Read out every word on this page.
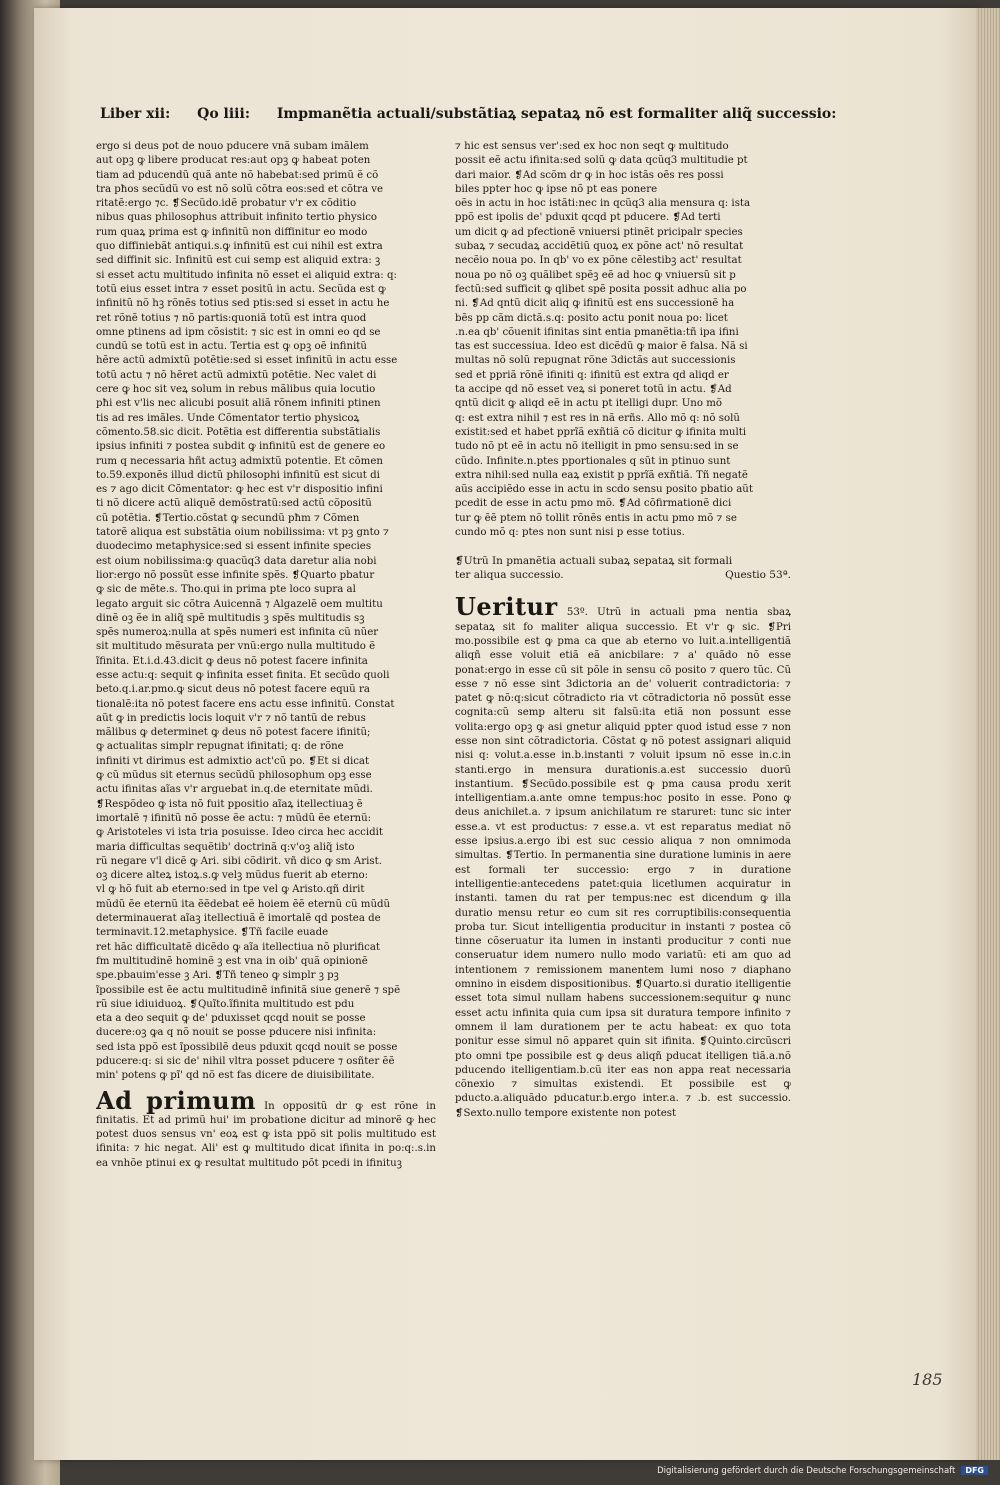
Liber xii: Qo liii: Impmanẽtia actuali/substãtiaꝝ sepataꝝ nõ est formaliter aliq̃ successio:

ergo si deus pot de nouo pducere vnã subam imãlem

aut opꝫ ꝙ libere producat res:aut opꝫ ꝙ habeat poten

tiam ad pducendũ quã ante nõ habebat:sed primũ ẽ cõ

tra pħos secũdũ vo est nõ solũ cõtra eos:sed et cõtra ve

ritatẽ:ergo ⁊c. ❡Secũdo.idẽ probatur v'r ex cõditio

nibus quas philosophus attribuit infinito tertio physico

rum quaꝝ prima est ꝙ infinitũ non diffinitur eo modo

quo diffiniebãt antiqui.s.ꝙ infinitũ est cui nihil est extra

sed diffinit sic. Infinitũ est cui semp est aliquid extra: ꝫ

si esset actu multitudo infinita nõ esset ei aliquid extra: q:

totũ eius esset intra ⁊ esset positũ in actu. Secũda est ꝙ

infinitũ nõ hꝫ rõnẽs totius sed ptis:sed si esset in actu he

ret rõnẽ totius ⁊ nõ partis:quoniã totũ est intra quod

omne ptinens ad ipm cõsistit: ⁊ sic est in omni eo qd se

cundũ se totũ est in actu. Tertia est ꝙ opꝫ oẽ infinitũ

hẽre actũ admixtũ potẽtie:sed si esset infinitũ in actu esse

totũ actu ⁊ nõ hẽret actũ admixtũ potẽtie. Nec valet di

cere ꝙ hoc sit veꝝ solum in rebus mãlibus quia locutio

pħi est v'lis nec alicubi posuit aliã rõnem infiniti ptinen

tis ad res imãles. Unde Cõmentator tertio physicoꝝ

cõmento.58.sic dicit. Potẽtia est differentia substãtialis

ipsius infiniti ⁊ postea subdit ꝙ infinitũ est de genere eo

rum q necessaria hñt actuꝫ admixtũ potentie. Et cõmen

to.59.exponẽs illud dictũ philosophi infinitũ est sicut di

es ⁊ ago dicit Cõmentator: ꝙ hec est v'r dispositio infini

ti nõ dicere actũ aliquẽ demõstratũ:sed actũ cõpositũ

cũ potẽtia. ❡Tertio.cõstat ꝙ secundũ pħm ⁊ Cõmen

tatorẽ aliqua est substãtia oium nobilissima: vt pꝫ gnto ⁊

duodecimo metaphysice:sed si essent infinite species

est oium nobilissima:ꝙ quacũq3 data daretur alia nobi

lior:ergo nõ possũt esse infinite spẽs. ❡Quarto pbatur

ꝙ sic de mẽte.s. Tho.qui in prima pte loco supra al

legato arguit sic cõtra Auicennã ⁊ Algazelẽ oem multitu

dinẽ oꝫ ẽe in aliq̃ spẽ multitudis ꝫ spẽs multitudis sꝫ

spẽs numeroꝝ:nulla at spẽs numeri est infinita cũ nũer

sit multitudo mẽsurata per vnũ:ergo nulla multitudo ẽ

ĩfinita. Et.i.d.43.dicit ꝙ deus nõ potest facere infinita

esse actu:q: sequit ꝙ infinita esset finita. Et secũdo quoli

beto.q.i.ar.pmo.ꝙ sicut deus nõ potest facere equũ ra

tionalẽ:ita nõ potest facere ens actu esse infinitũ. Constat

aũt ꝙ in predictis locis loquit v'r ⁊ nõ tantũ de rebus

mãlibus ꝙ determinet ꝙ deus nõ potest facere ifinitũ;

ꝙ actualitas simplr repugnat ifinitati; q: de rõne

infiniti vt dirimus est admixtio act'cũ po. ❡Et si dicat

ꝙ cũ mũdus sit eternus secũdũ philosophum opꝫ esse

actu ifinitas aĩas v'r arguebat in.q.de eternitate mũdi.

❡Respõdeo ꝙ ista nõ fuit ppositio aĩaꝝ itellectiuaꝫ ẽ

imortalẽ ⁊ ifinitũ nõ posse ẽe actu: ⁊ mũdũ ẽe eternũ:

ꝙ Aristoteles vi ista tria posuisse. Ideo circa hec accidit

maria difficultas sequẽtib' doctrinã q:v'oꝫ aliq̃ isto

rũ negare v'l dicẽ ꝙ Ari. sibi cõdirit. vñ dico ꝙ sm Arist.

oꝫ dicere alteꝝ istoꝝ.s.ꝙ velꝫ mũdus fuerit ab eterno:

vl ꝙ hõ fuit ab eterno:sed in tpe vel ꝙ Aristo.qñ dirit

mũdũ ẽe eternũ ita ẽẽdebat eẽ hoiem ẽẽ eternũ cũ mũdũ

determinauerat aĩaꝫ itellectiuã ẽ imortalẽ qd postea de

terminavit.12.metaphysice. ❡Tñ facile euade

ret hãc difficultatẽ dicẽdo ꝙ aĩa itellectiua nõ plurificat

fm multitudinẽ hominẽ ꝫ est vna in oib' quã opinionẽ

spe.pbauim'esse ꝫ Ari. ❡Tñ teneo ꝙ simplr ꝫ pꝫ

ĩpossibile est ẽe actu multitudinẽ infinitã siue generẽ ⁊ spẽ

rũ siue idiuiduoꝝ. ❡Quĩto.ĩfinita multitudo est pdu

eta a deo sequit ꝙ de' pduxisset qcqd nouit se posse

ducere:oꝫ ꝙa q nõ nouit se posse pducere nisi infinita:

sed ista ppõ est ĩpossibilẽ deus pduxit qcqd nouit se posse

pducere:q: si sic de' nihil vltra posset pducere ⁊ osñter ẽẽ

min' potens ꝙ pĩ' qd nõ est fas dicere de diuisibilitate.

Ad primum In oppositũ dr ꝙ est rõne in finitatis. Et ad primũ hui' im probatione dicitur ad minorẽ ꝙ hec potest duos sensus vn' eoꝝ est ꝙ ista ppõ sit polis multitudo est ifinita: ⁊ hic negat. Ali' est ꝙ multitudo dicat ifinita in po:q:.s.in ea vnhõe ptinui ex ꝙ resultat multitudo põt pcedi in ifinituꝫ

⁊ hic est sensus ver':sed ex hoc non seqt ꝙ multitudo

possit eẽ actu ifinita:sed solũ ꝙ data qcũq3 multitudie pt

dari maior. ❡Ad scõm dr ꝙ in hoc istãs oẽs res possi

biles ppter hoc ꝙ ipse nõ pt eas ponere

oẽs in actu in hoc istãti:nec in qcũq3 alia mensura q: ista

ppõ est ipolis de' pduxit qcqd pt pducere. ❡Ad terti

um dicit ꝙ ad pfectionẽ vniuersi ptinẽt pricipalr species

subaꝝ ⁊ secudaꝝ accidẽtiũ quoꝝ ex põne act' nõ resultat

necẽio noua po. In qb' vo ex põne cẽlestibꝫ act' resultat

noua po nõ oꝫ quãlibet spẽꝫ eẽ ad hoc ꝙ vniuersũ sit p

fectũ:sed sufficit ꝙ qlibet spẽ posita possit adhuc alia po

ni. ❡Ad qntũ dicit aliq ꝙ ifinitũ est ens successionẽ ha

bẽs pp cãm dictã.s.q: posito actu ponit noua po: licet

.n.ea qb' cõuenit ifinitas sint entia pmanẽtia:tñ ipa ifini

tas est successiua. Ideo est dicẽdũ ꝙ maior ẽ falsa. Nã si

multas nõ solũ repugnat rõne 3dictãs aut successionis

sed et ppriã rõnẽ ifiniti q: ifinitũ est extra qd aliqd er

ta accipe qd nõ esset veꝝ si poneret totũ in actu. ❡Ad

qntũ dicit ꝙ aliqd eẽ in actu pt itelligi dupr. Uno mõ

q: est extra nihil ⁊ est res in nã erñs. Allo mõ q: nõ solũ

existit:sed et habet pprĩã exñtiã cõ dicitur ꝙ ifinita multi

tudo nõ pt eẽ in actu nõ itelligit in pmo sensu:sed in se

cũdo. Infinite.n.ptes pportionales q sũt in ptinuo sunt

extra nihil:sed nulla eaꝝ existit p pprĩã exñtiã. Tñ negatẽ

aũs accipiẽdo esse in actu in scdo sensu posito pbatio aũt

pcedit de esse in actu pmo mõ. ❡Ad cõfirmationẽ dici

tur ꝙ ẽẽ ptem nõ tollit rõnẽs entis in actu pmo mõ ⁊ se

cundo mõ q: ptes non sunt nisi p esse totius.

❡Utrũ In pmanẽtia actuali subaꝝ sepataꝝ sit formali

ter aliqua successio.	Questio 53ª.

Ueritur 53º. Utrũ in actuali pma nentia sbaꝝ sepataꝝ sit fo maliter aliqua successio. Et v'r ꝙ sic. ❡Pri mo.possibile est ꝙ pma ca que ab eterno vo luit.a.intelligentiã aliqñ esse voluit etiã eã anicbilare: ⁊ a' quãdo nõ esse ponat:ergo in esse cũ sit põle in sensu cõ posito ⁊ quero tũc. Cũ esse ⁊ nõ esse sint 3dictoria an de' voluerit contradictoria: ⁊ patet ꝙ nõ:q:sicut cõtradicto ria vt cõtradictoria nõ possũt esse cognita:cũ semp alteru sit falsũ:ita etiã non possunt esse volita:ergo opꝫ ꝙ asi gnetur aliquid ppter quod istud esse ⁊ non esse non sint cõtradictoria. Cõstat ꝙ nõ potest assignari aliquid nisi q: volut.a.esse in.b.instanti ⁊ voluit ipsum nõ esse in.c.in stanti.ergo in mensura durationis.a.est successio duorũ instantium. ❡Secũdo.possibile est ꝙ pma causa produ xerit intelligentiam.a.ante omne tempus:hoc posito in esse. Pono ꝙ deus anichilet.a. ⁊ ipsum anichilatum re staruret: tunc sic inter esse.a. vt est productus: ⁊ esse.a. vt est reparatus mediat nõ esse ipsius.a.ergo ibi est suc cessio aliqua ⁊ non omnimoda simultas. ❡Tertio. In permanentia sine duratione luminis in aere est formali ter successio: ergo ⁊ in duratione intelligentie:antecedens patet:quia licetlumen acquiratur in instanti. tamen du rat per tempus:nec est dicendum ꝙ illa duratio mensu retur eo cum sit res corruptibilis:consequentia proba tur. Sicut intelligentia producitur in instanti ⁊ postea cõ tinne cõseruatur ita lumen in instanti producitur ⁊ conti nue conseruatur idem numero nullo modo variatũ: eti am quo ad intentionem ⁊ remissionem manentem lumi noso ⁊ diaphano omnino in eisdem dispositionibus. ❡Quarto.si duratio itelligentie esset tota simul nullam habens successionem:sequitur ꝙ nunc esset actu infinita quia cum ipsa sit duratura tempore infinito ⁊ omnem il lam durationem per te actu habeat: ex quo tota ponitur esse simul nõ apparet quin sit ifinita. ❡Quinto.circũscri pto omni tpe possibile est ꝙ deus aliqñ pducat itelligen tiã.a.nõ pducendo itelligentiam.b.cũ iter eas non appa reat necessaria cõnexio ⁊ simultas existendi. Et possibile est ꝙ pducto.a.aliquãdo pducatur.b.ergo inter.a. ⁊ .b. est successio. ❡Sexto.nullo tempore existente non potest
185
Digitalisierung gefördert durch die Deutsche Forschungsgemeinschaft DFG
